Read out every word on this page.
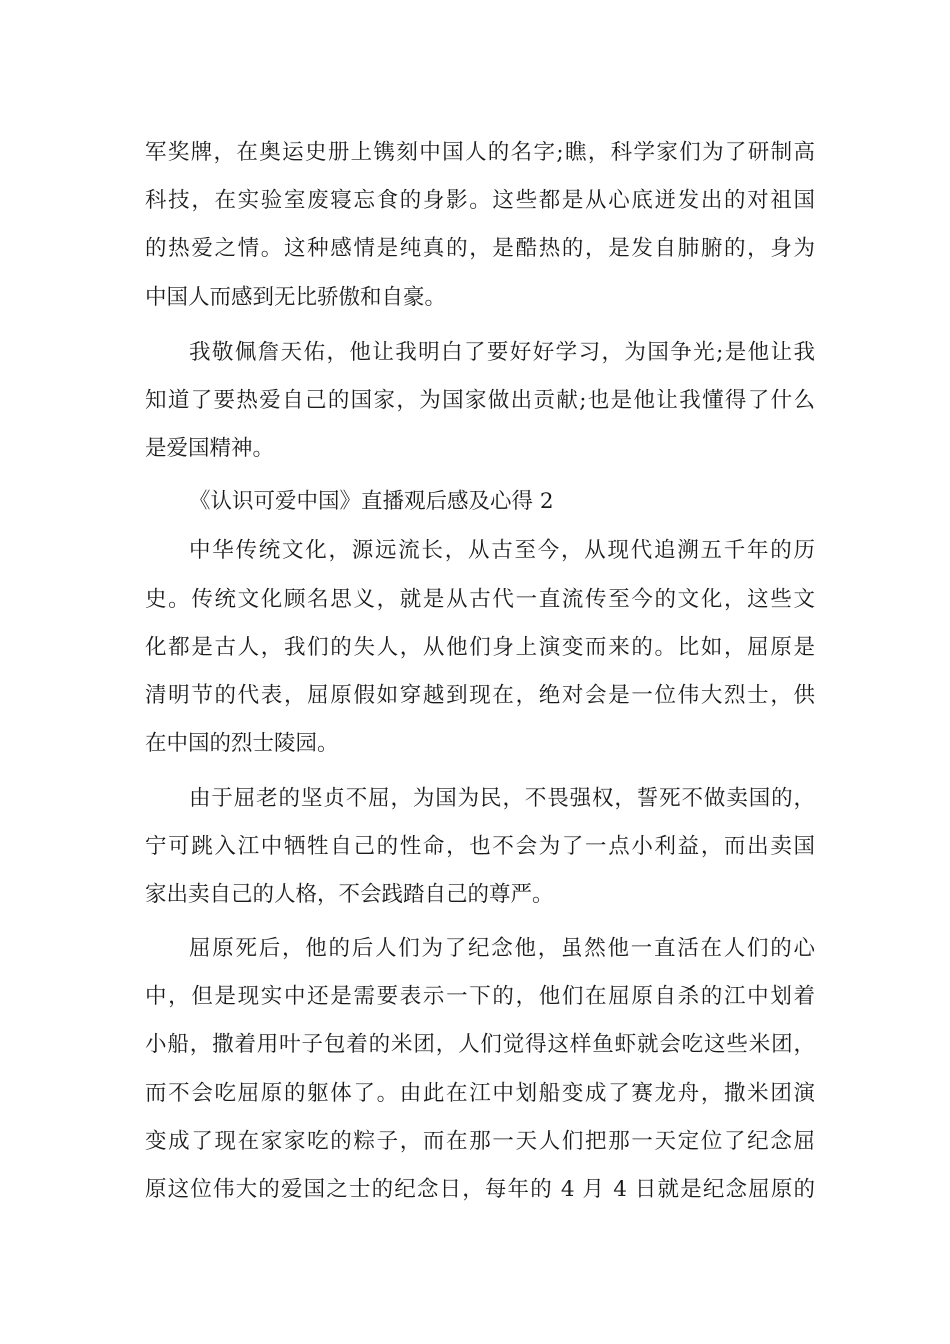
军奖牌，在奥运史册上镌刻中国人的名字;瞧，科学家们为了研制高
科技，在实验室废寝忘食的身影。这些都是从心底迸发出的对祖国
的热爱之情。这种感情是纯真的，是酷热的，是发自肺腑的，身为
中国人而感到无比骄傲和自豪。
我敬佩詹天佑，他让我明白了要好好学习，为国争光;是他让我
知道了要热爱自己的国家，为国家做出贡献;也是他让我懂得了什么
是爱国精神。
《认识可爱中国》直播观后感及心得 2
中华传统文化，源远流长，从古至今，从现代追溯五千年的历
史。传统文化顾名思义，就是从古代一直流传至今的文化，这些文
化都是古人，我们的失人，从他们身上演变而来的。比如，屈原是
清明节的代表，屈原假如穿越到现在，绝对会是一位伟大烈士，供
在中国的烈士陵园。
由于屈老的坚贞不屈，为国为民，不畏强权，誓死不做卖国的，
宁可跳入江中牺牲自己的性命，也不会为了一点小利益，而出卖国
家出卖自己的人格，不会践踏自己的尊严。
屈原死后，他的后人们为了纪念他，虽然他一直活在人们的心
中，但是现实中还是需要表示一下的，他们在屈原自杀的江中划着
小船，撒着用叶子包着的米团，人们觉得这样鱼虾就会吃这些米团，
而不会吃屈原的躯体了。由此在江中划船变成了赛龙舟，撒米团演
变成了现在家家吃的粽子，而在那一天人们把那一天定位了纪念屈
原这位伟大的爱国之士的纪念日，每年的 4 月 4 日就是纪念屈原的
